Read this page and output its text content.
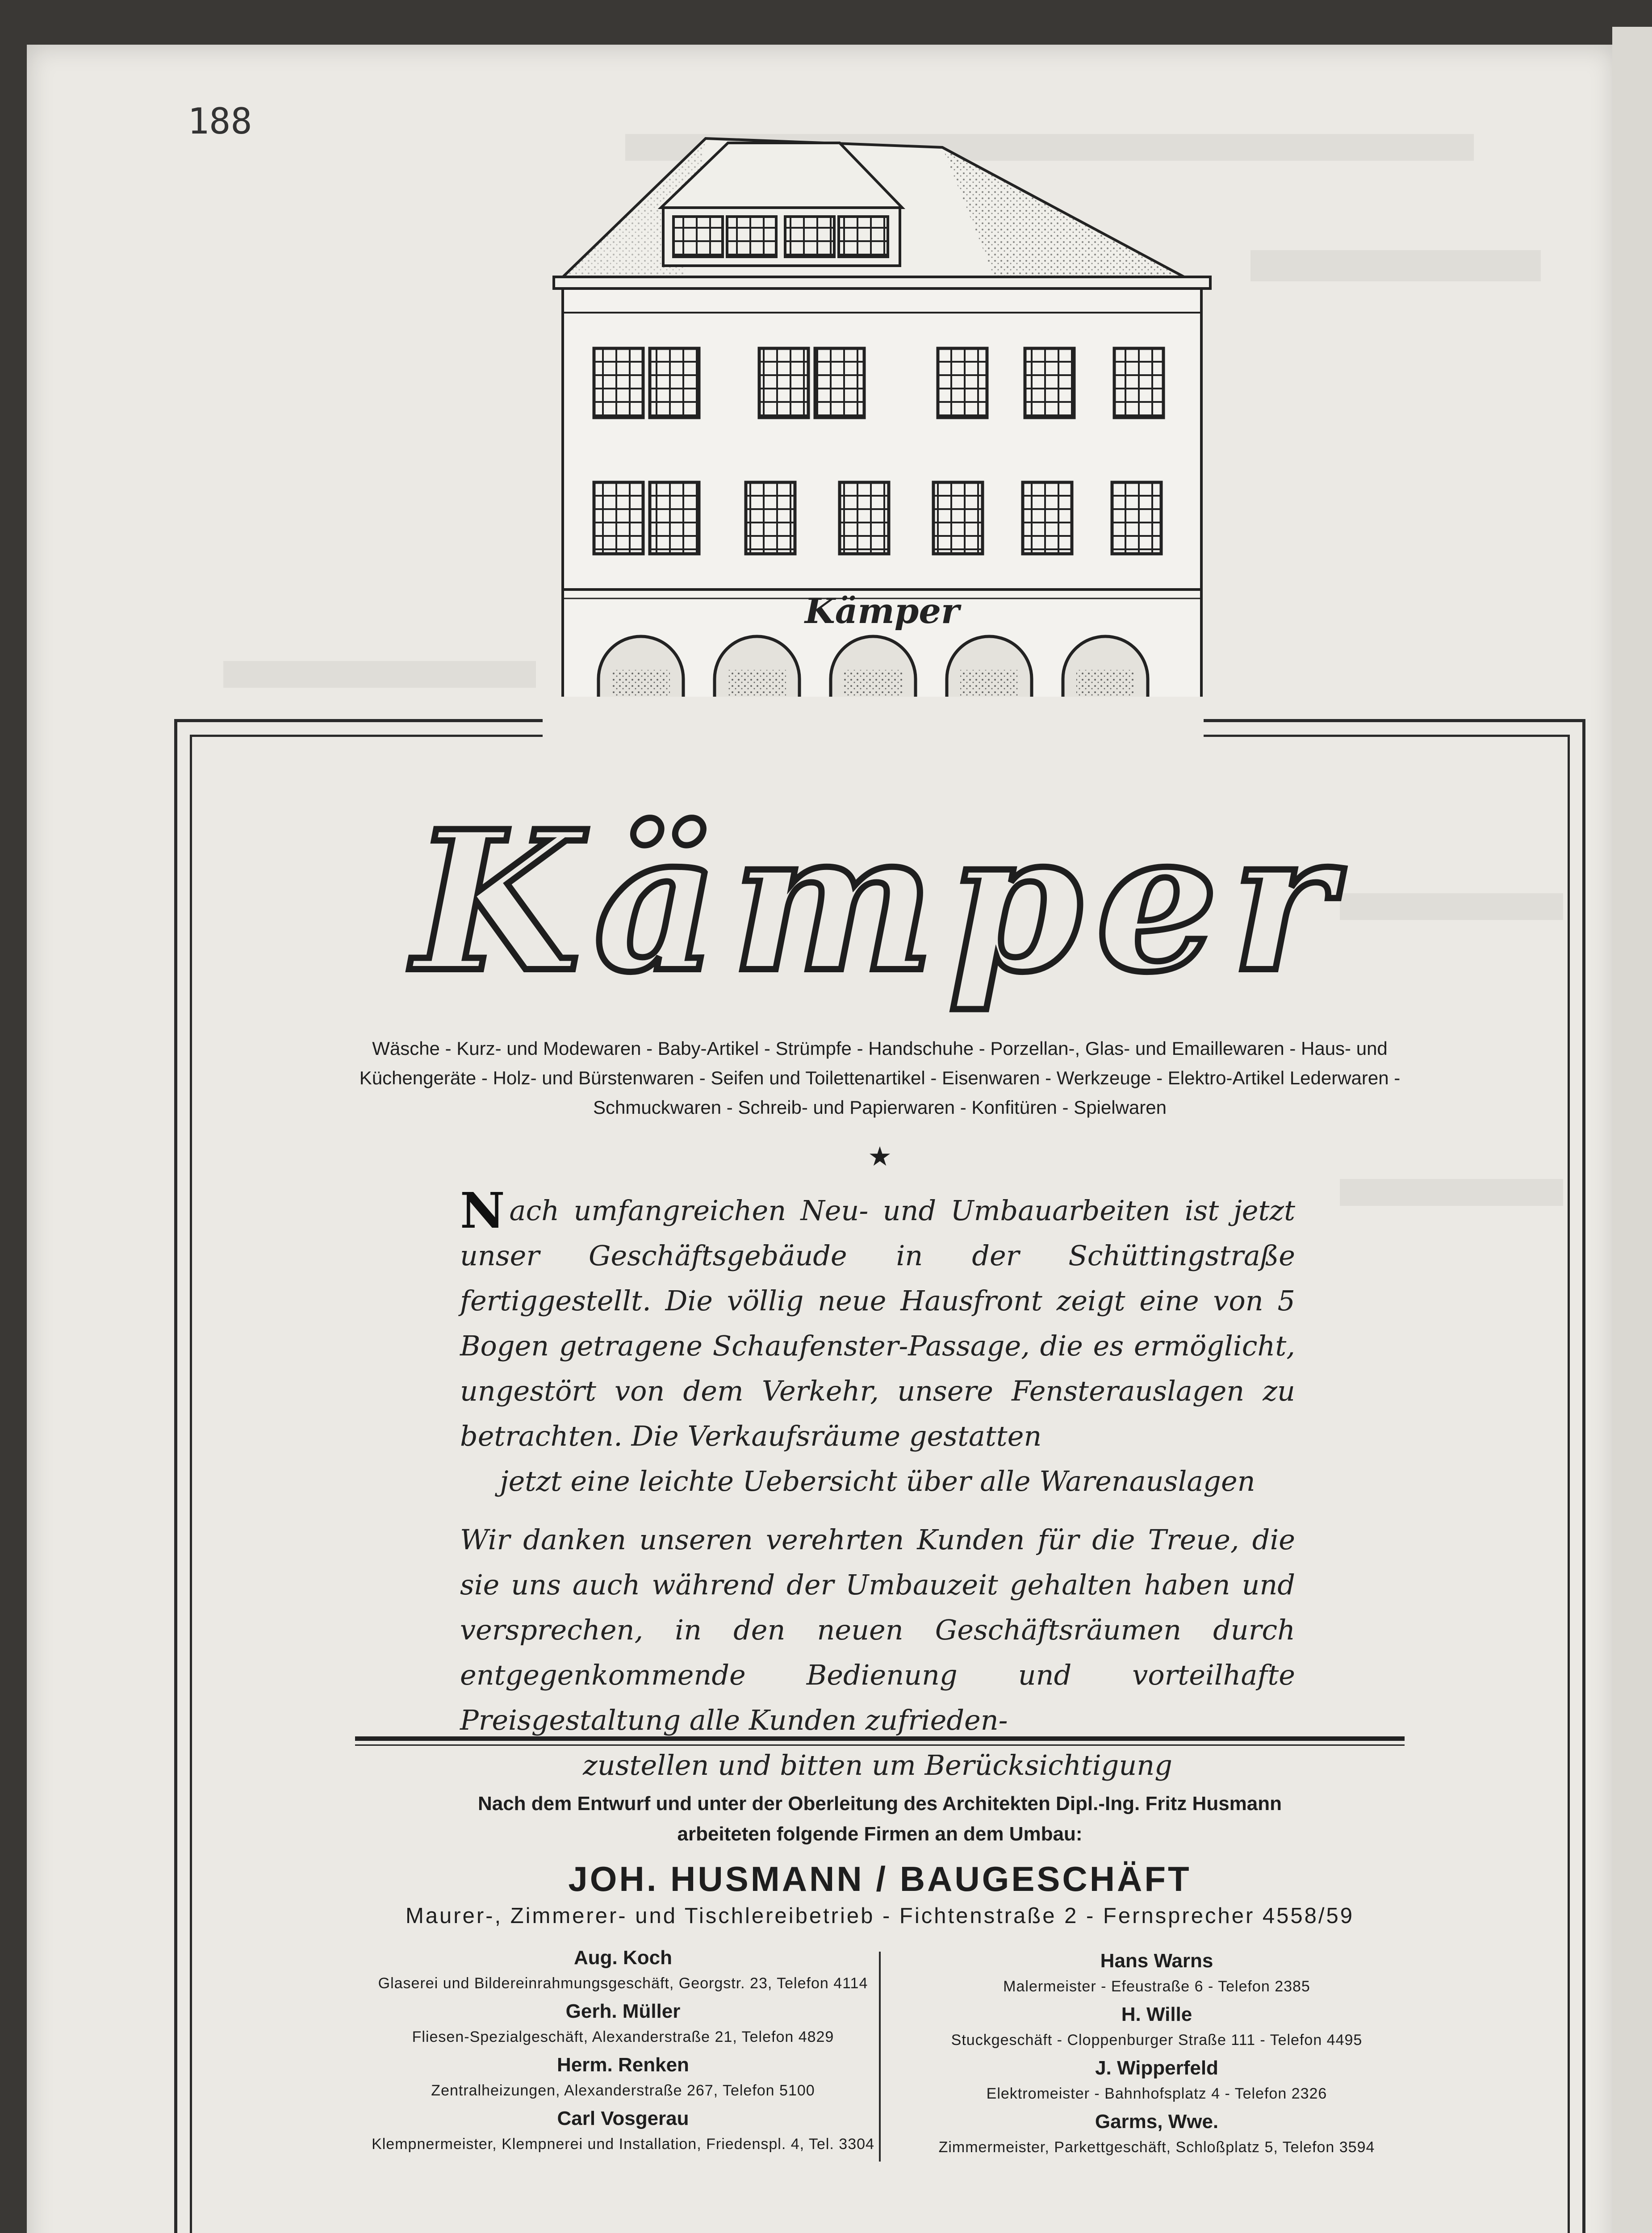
188
Kämper
Kämper
Wäsche - Kurz- und Modewaren - Baby-Artikel - Strümpfe - Handschuhe - Porzellan-, Glas- und Emaillewaren - Haus- und Küchengeräte - Holz- und Bürstenwaren - Seifen und Toilettenartikel - Eisenwaren - Werkzeuge - Elektro-Artikel Lederwaren - Schmuckwaren - Schreib- und Papierwaren - Konfitüren - Spielwaren
★

Nach umfangreichen Neu- und Umbauarbeiten ist jetzt unser Geschäftsgebäude in der Schüttingstraße fertiggestellt. Die völlig neue Hausfront zeigt eine von 5 Bogen getragene Schaufenster-Passage, die es ermöglicht, ungestört von dem Verkehr, unsere Fensterauslagen zu betrachten. Die Verkaufsräume gestatten

jetzt eine leichte Uebersicht über alle Warenauslagen

Wir danken unseren verehrten Kunden für die Treue, die sie uns auch während der Umbauzeit gehalten haben und versprechen, in den neuen Geschäftsräumen durch entgegenkommende Bedienung und vorteilhafte Preisgestaltung alle Kunden zufrieden-

zustellen und bitten um Berücksichtigung

Nach dem Entwurf und unter der Oberleitung des Architekten Dipl.-Ing. Fritz Husmann arbeiteten folgende Firmen an dem Umbau:
JOH. HUSMANN / BAUGESCHÄFT
Maurer-, Zimmerer- und Tischlereibetrieb - Fichtenstraße 2 - Fernsprecher 4558/59
Aug. Koch
Glaserei und Bildereinrahmungsgeschäft, Georgstr. 23, Telefon 4114
Gerh. Müller
Fliesen-Spezialgeschäft, Alexanderstraße 21, Telefon 4829
Herm. Renken
Zentralheizungen, Alexanderstraße 267, Telefon 5100
Carl Vosgerau
Klempnermeister, Klempnerei und Installation, Friedenspl. 4, Tel. 3304
Hans Warns
Malermeister - Efeustraße 6 - Telefon 2385
H. Wille
Stuckgeschäft - Cloppenburger Straße 111 - Telefon 4495
J. Wipperfeld
Elektromeister - Bahnhofsplatz 4 - Telefon 2326
Garms, Wwe.
Zimmermeister, Parkettgeschäft, Schloßplatz 5, Telefon 3594
